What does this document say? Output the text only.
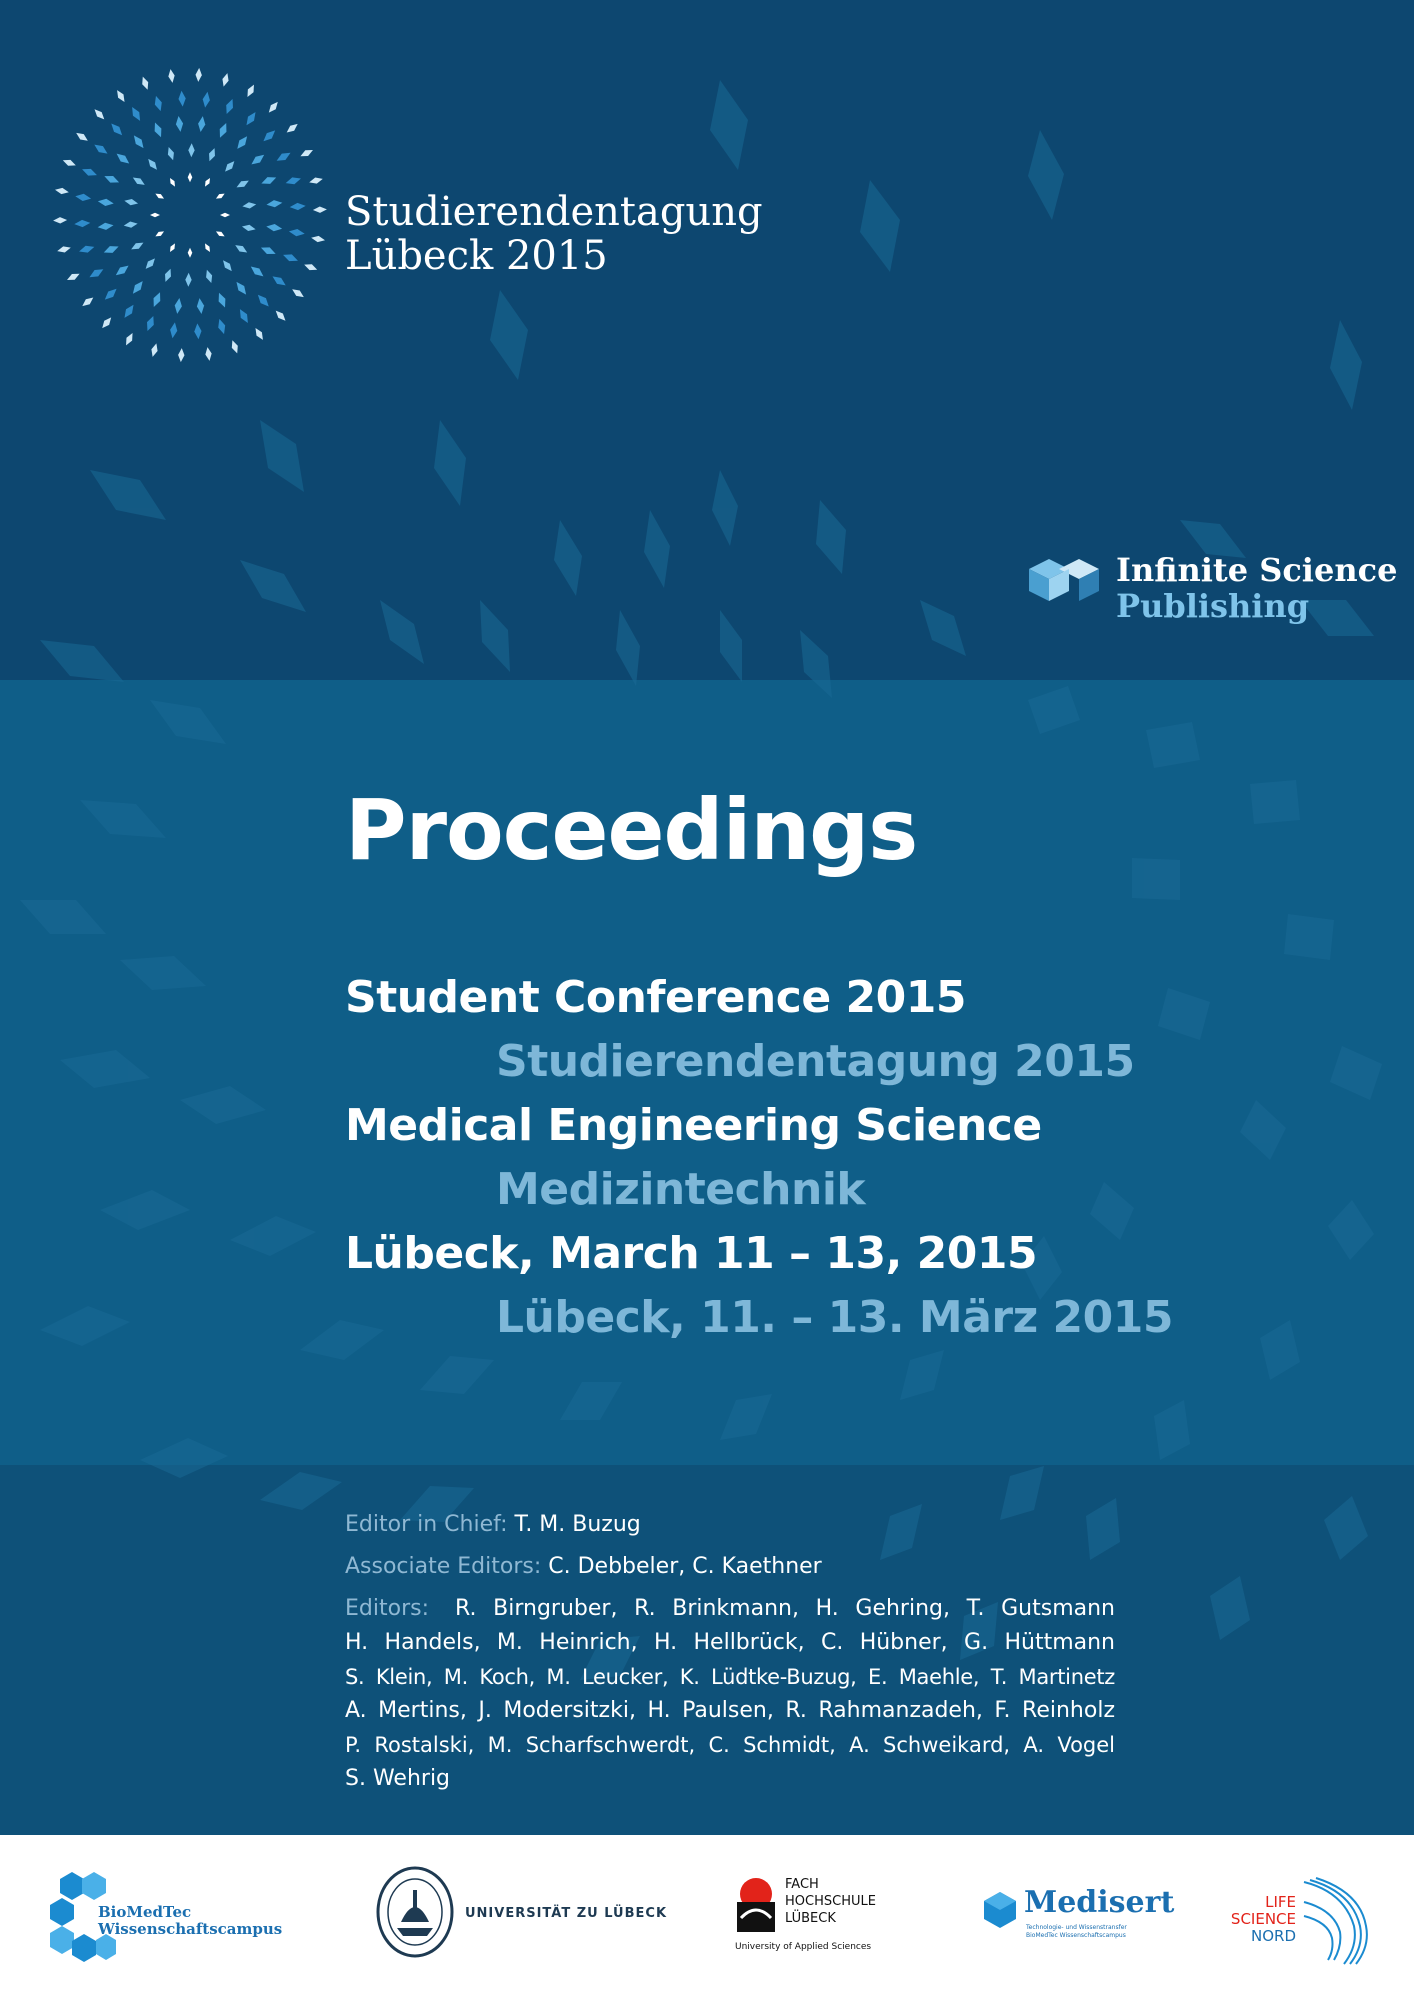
Studierendentagung
Lübeck 2015
Infinite Science
Publishing
Proceedings
Student Conference 2015
Studierendentagung 2015
Medical Engineering Science
Medizintechnik
Lübeck, March 11 – 13, 2015
Lübeck, 11. – 13. März 2015
Editor in Chief: T. M. Buzug
Associate Editors: C. Debbeler, C. Kaethner
Editors:	R. Birngruber, R. Brinkmann, H. Gehring, T. Gutsmann
H. Handels, M. Heinrich, H. Hellbrück, C. Hübner, G. Hüttmann
S. Klein, M. Koch, M. Leucker, K. Lüdtke-Buzug, E. Maehle, T. Martinetz
A. Mertins, J. Modersitzki, H. Paulsen, R. Rahmanzadeh, F. Reinholz
P. Rostalski, M. Scharfschwerdt, C. Schmidt, A. Schweikard, A. Vogel
S. Wehrig
BioMedTec
Wissenschaftscampus
UNIVERSITÄT ZU LÜBECK
FACH
HOCHSCHULE
LÜBECK
University of Applied Sciences
Medisert
Technologie- und Wissenstransfer
BioMedTec Wissenschaftscampus
LIFE
SCIENCE
NORD
